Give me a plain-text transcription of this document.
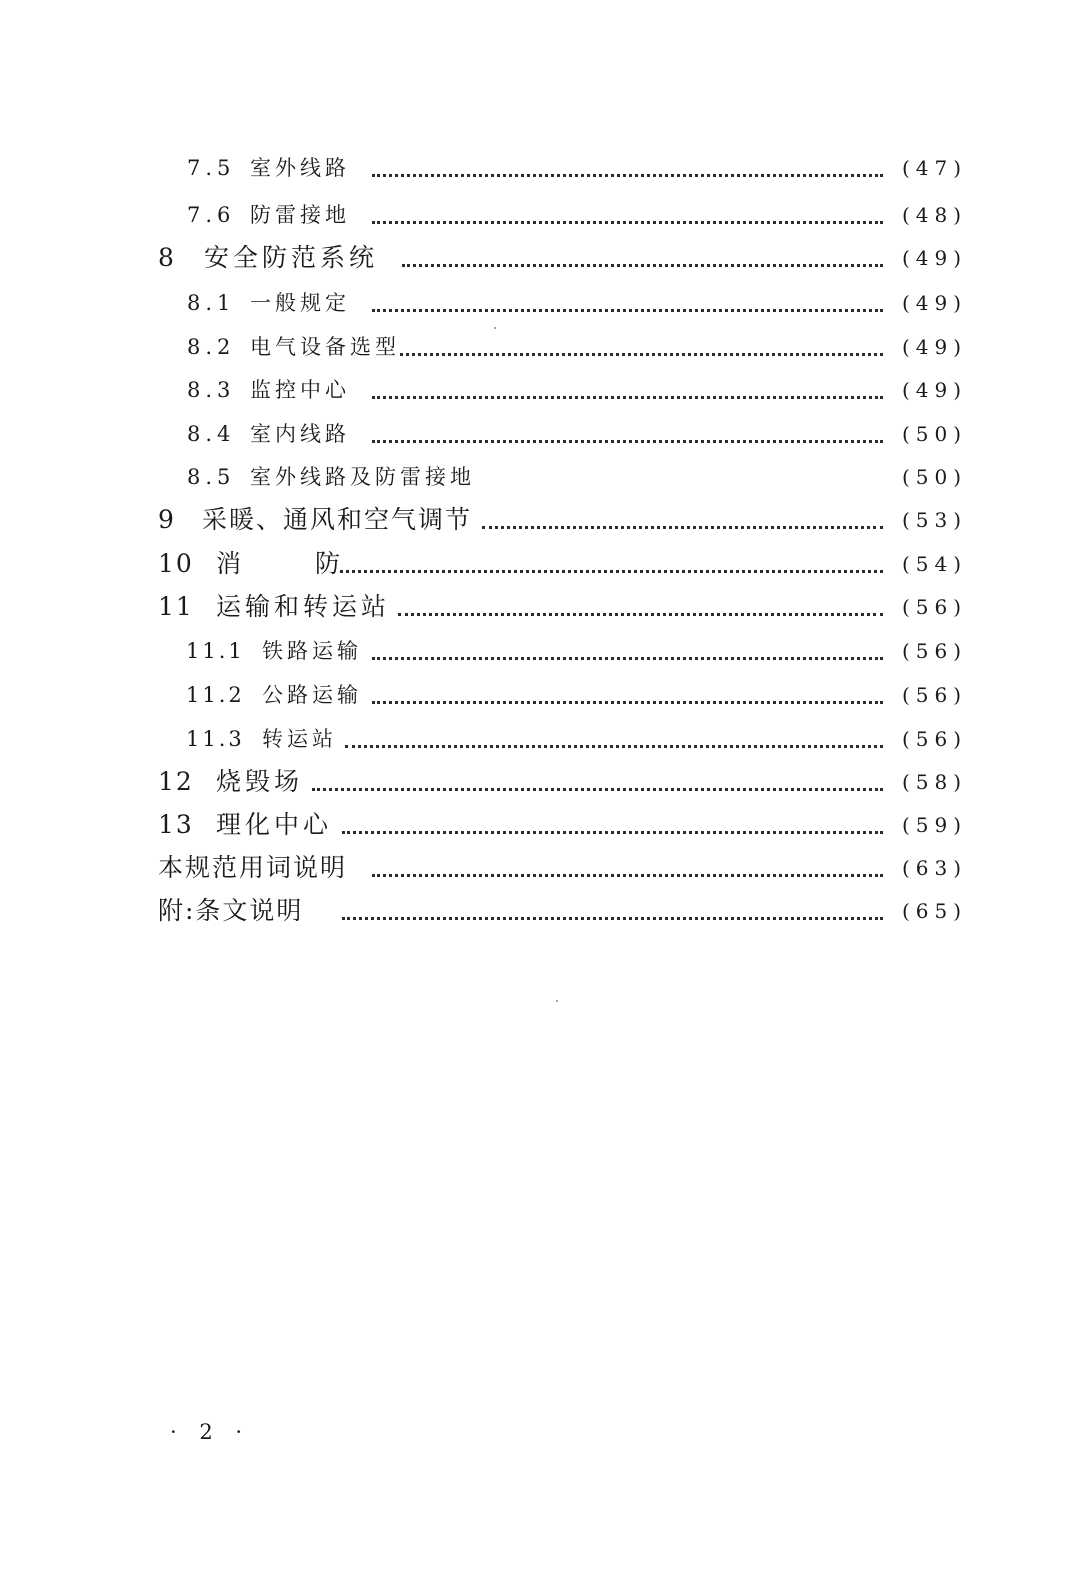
7.5 室外线路	(47)
7.6 防雷接地	(48)
8 安全防范系统	(49)
8.1 一般规定	(49)
8.2 电气设备选型	(49)
8.3 监控中心	(49)
8.4 室内线路	(50)
8.5 室外线路及防雷接地	(50)
9 采暖、通风和空气调节	(53)
10 消　　防	(54)
11 运输和转运站	(56)
11.1 铁路运输	(56)
11.2 公路运输	(56)
11.3 转运站	(56)
12 烧毁场	(58)
13 理化中心	(59)
本规范用词说明	(63)
附:条文说明	(65)
· 2 ·
